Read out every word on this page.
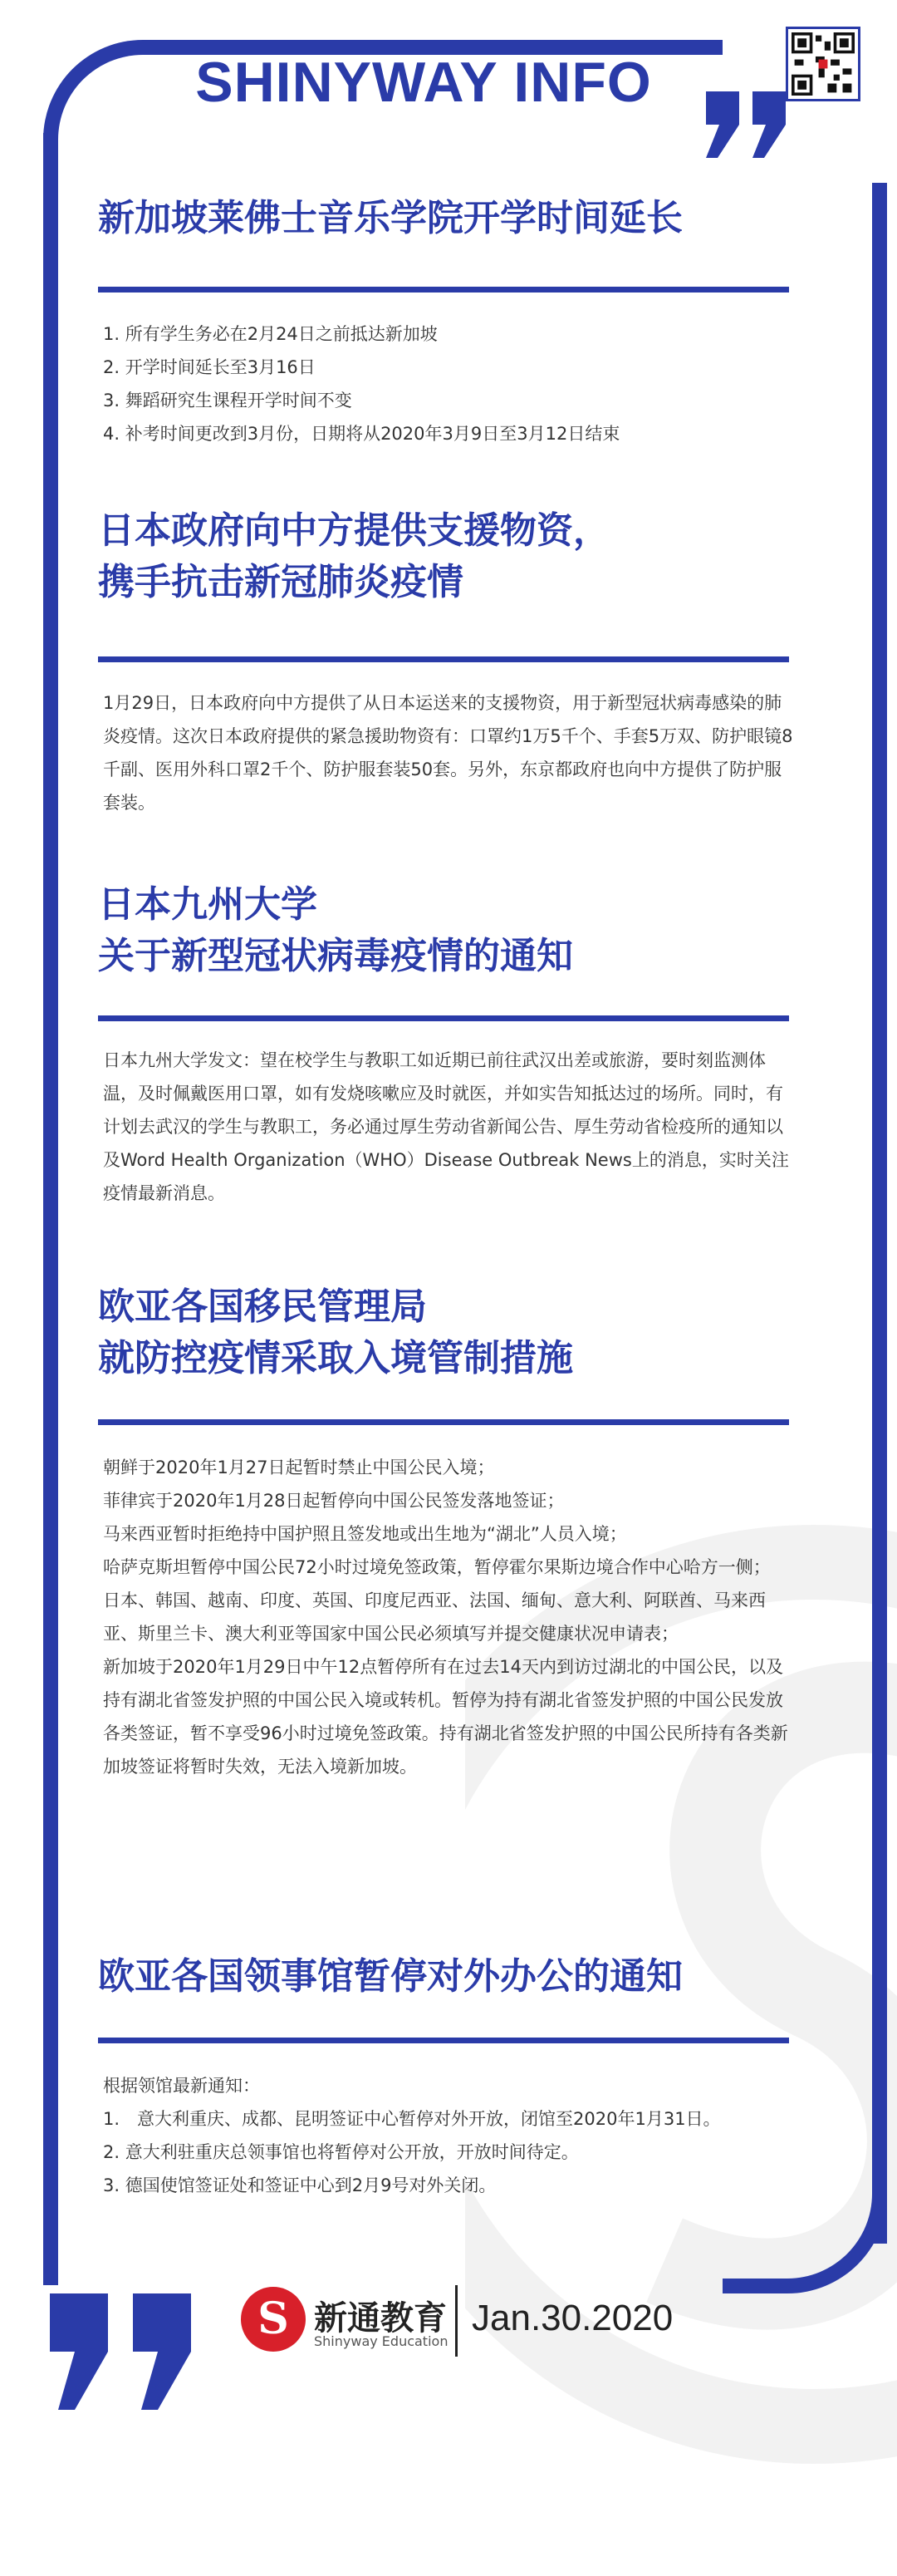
SHINYWAY INFO
新加坡莱佛士音乐学院开学时间延长

1. 所有学生务必在2月24日之前抵达新加坡

2. 开学时间延长至3月16日

3. 舞蹈研究生课程开学时间不变

4. 补考时间更改到3月份，日期将从2020年3月9日至3月12日结束

日本政府向中方提供支援物资，
携手抗击新冠肺炎疫情

1月29日，日本政府向中方提供了从日本运送来的支援物资，用于新型冠状病毒感染的肺炎疫情。这次日本政府提供的紧急援助物资有：口罩约1万5千个、手套5万双、防护眼镜8千副、医用外科口罩2千个、防护服套装50套。另外，东京都政府也向中方提供了防护服套装。

日本九州大学
关于新型冠状病毒疫情的通知

日本九州大学发文：望在校学生与教职工如近期已前往武汉出差或旅游，要时刻监测体温，及时佩戴医用口罩，如有发烧咳嗽应及时就医，并如实告知抵达过的场所。同时，有计划去武汉的学生与教职工，务必通过厚生劳动省新闻公告、厚生劳动省检疫所的通知以及Word Health Organization（WHO）Disease Outbreak News上的消息，实时关注疫情最新消息。

欧亚各国移民管理局
就防控疫情采取入境管制措施

朝鲜于2020年1月27日起暂时禁止中国公民入境；

菲律宾于2020年1月28日起暂停向中国公民签发落地签证；

马来西亚暂时拒绝持中国护照且签发地或出生地为“湖北”人员入境；

哈萨克斯坦暂停中国公民72小时过境免签政策，暂停霍尔果斯边境合作中心哈方一侧；

日本、韩国、越南、印度、英国、印度尼西亚、法国、缅甸、意大利、阿联酋、马来西亚、斯里兰卡、澳大利亚等国家中国公民必须填写并提交健康状况申请表；

新加坡于2020年1月29日中午12点暂停所有在过去14天内到访过湖北的中国公民，以及持有湖北省签发护照的中国公民入境或转机。暂停为持有湖北省签发护照的中国公民发放各类签证，暂不享受96小时过境免签政策。持有湖北省签发护照的中国公民所持有各类新加坡签证将暂时失效，无法入境新加坡。

欧亚各国领事馆暂停对外办公的通知

根据领馆最新通知：

1.　意大利重庆、成都、昆明签证中心暂停对外开放，闭馆至2020年1月31日。

2. 意大利驻重庆总领事馆也将暂停对公开放，开放时间待定。

3. 德国使馆签证处和签证中心到2月9号对外关闭。

S 新通教育
Shinyway Education
Jan.30.2020
